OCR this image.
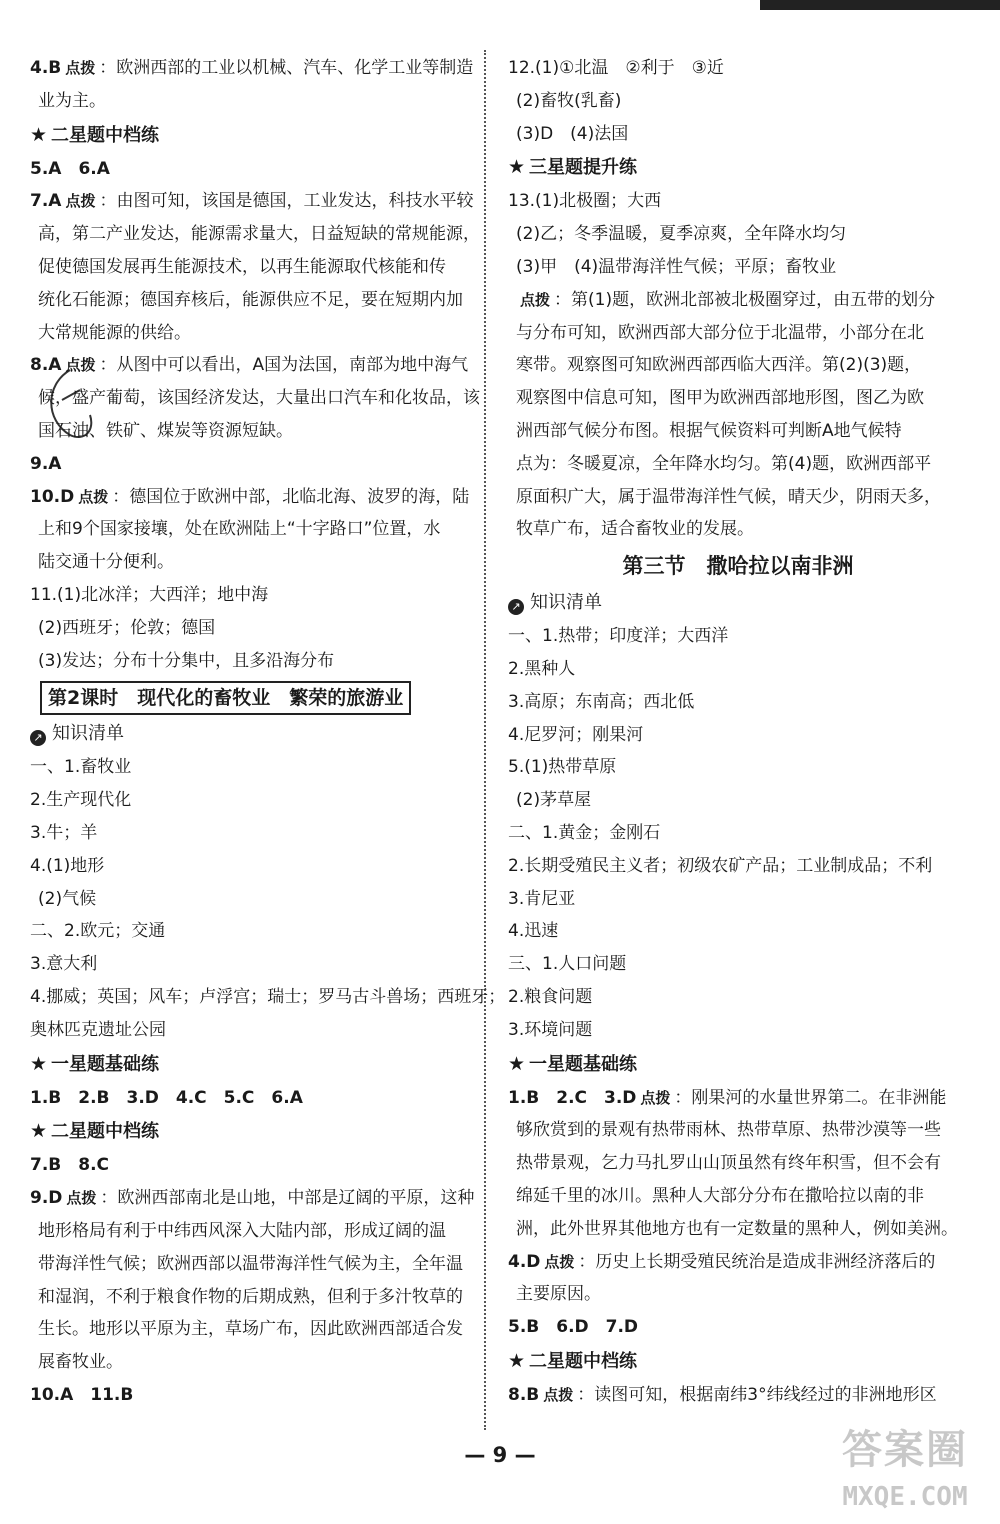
4.B 点拨 ：欧洲西部的工业以机械、汽车、化学工业等制造
业为主。
★ 二星题中档练
5.A　6.A
7.A 点拨 ：由图可知，该国是德国，工业发达，科技水平较
高，第二产业发达，能源需求量大，日益短缺的常规能源，
促使德国发展再生能源技术，以再生能源取代核能和传
统化石能源；德国弃核后，能源供应不足，要在短期内加
大常规能源的供给。
8.A 点拨 ：从图中可以看出，A国为法国，南部为地中海气
候，盛产葡萄，该国经济发达，大量出口汽车和化妆品，该
国石油、铁矿、煤炭等资源短缺。
9.A
10.D 点拨 ：德国位于欧洲中部，北临北海、波罗的海，陆
上和9个国家接壤，处在欧洲陆上“十字路口”位置，水
陆交通十分便利。
11.(1)北冰洋；大西洋；地中海
(2)西班牙；伦敦；德国
(3)发达；分布十分集中，且多沿海分布
第2课时　现代化的畜牧业　繁荣的旅游业
↗ 知识清单
一、1.畜牧业
2.生产现代化
3.牛；羊
4.(1)地形
(2)气候
二、2.欧元；交通
3.意大利
4.挪威；英国；风车；卢浮宫；瑞士；罗马古斗兽场；西班牙；
奥林匹克遗址公园
★ 一星题基础练
1.B　2.B　3.D　4.C　5.C　6.A
★ 二星题中档练
7.B　8.C
9.D 点拨 ：欧洲西部南北是山地，中部是辽阔的平原，这种
地形格局有利于中纬西风深入大陆内部，形成辽阔的温
带海洋性气候；欧洲西部以温带海洋性气候为主，全年温
和湿润，不利于粮食作物的后期成熟，但利于多汁牧草的
生长。地形以平原为主，草场广布，因此欧洲西部适合发
展畜牧业。
10.A　11.B
12.(1)①北温　②利于　③近
(2)畜牧(乳畜)
(3)D　(4)法国
★ 三星题提升练
13.(1)北极圈；大西
(2)乙；冬季温暖，夏季凉爽，全年降水均匀
(3)甲　(4)温带海洋性气候；平原；畜牧业
点拨 ：第(1)题，欧洲北部被北极圈穿过，由五带的划分
与分布可知，欧洲西部大部分位于北温带，小部分在北
寒带。观察图可知欧洲西部西临大西洋。第(2)(3)题，
观察图中信息可知，图甲为欧洲西部地形图，图乙为欧
洲西部气候分布图。根据气候资料可判断A地气候特
点为：冬暖夏凉，全年降水均匀。第(4)题，欧洲西部平
原面积广大，属于温带海洋性气候，晴天少，阴雨天多，
牧草广布，适合畜牧业的发展。
第三节　撒哈拉以南非洲
↗ 知识清单
一、1.热带；印度洋；大西洋
2.黑种人
3.高原；东南高；西北低
4.尼罗河；刚果河
5.(1)热带草原
(2)茅草屋
二、1.黄金；金刚石
2.长期受殖民主义者；初级农矿产品；工业制成品；不利
3.肯尼亚
4.迅速
三、1.人口问题
2.粮食问题
3.环境问题
★ 一星题基础练
1.B　2.C　3.D 点拨 ：刚果河的水量世界第二。在非洲能
够欣赏到的景观有热带雨林、热带草原、热带沙漠等一些
热带景观，乞力马扎罗山山顶虽然有终年积雪，但不会有
绵延千里的冰川。黑种人大部分分布在撒哈拉以南的非
洲，此外世界其他地方也有一定数量的黑种人，例如美洲。
4.D 点拨 ：历史上长期受殖民统治是造成非洲经济落后的
主要原因。
5.B　6.D　7.D
★ 二星题中档练
8.B 点拨 ：读图可知，根据南纬3°纬线经过的非洲地形区
— 9 —	答案圈
MXQE.COM
